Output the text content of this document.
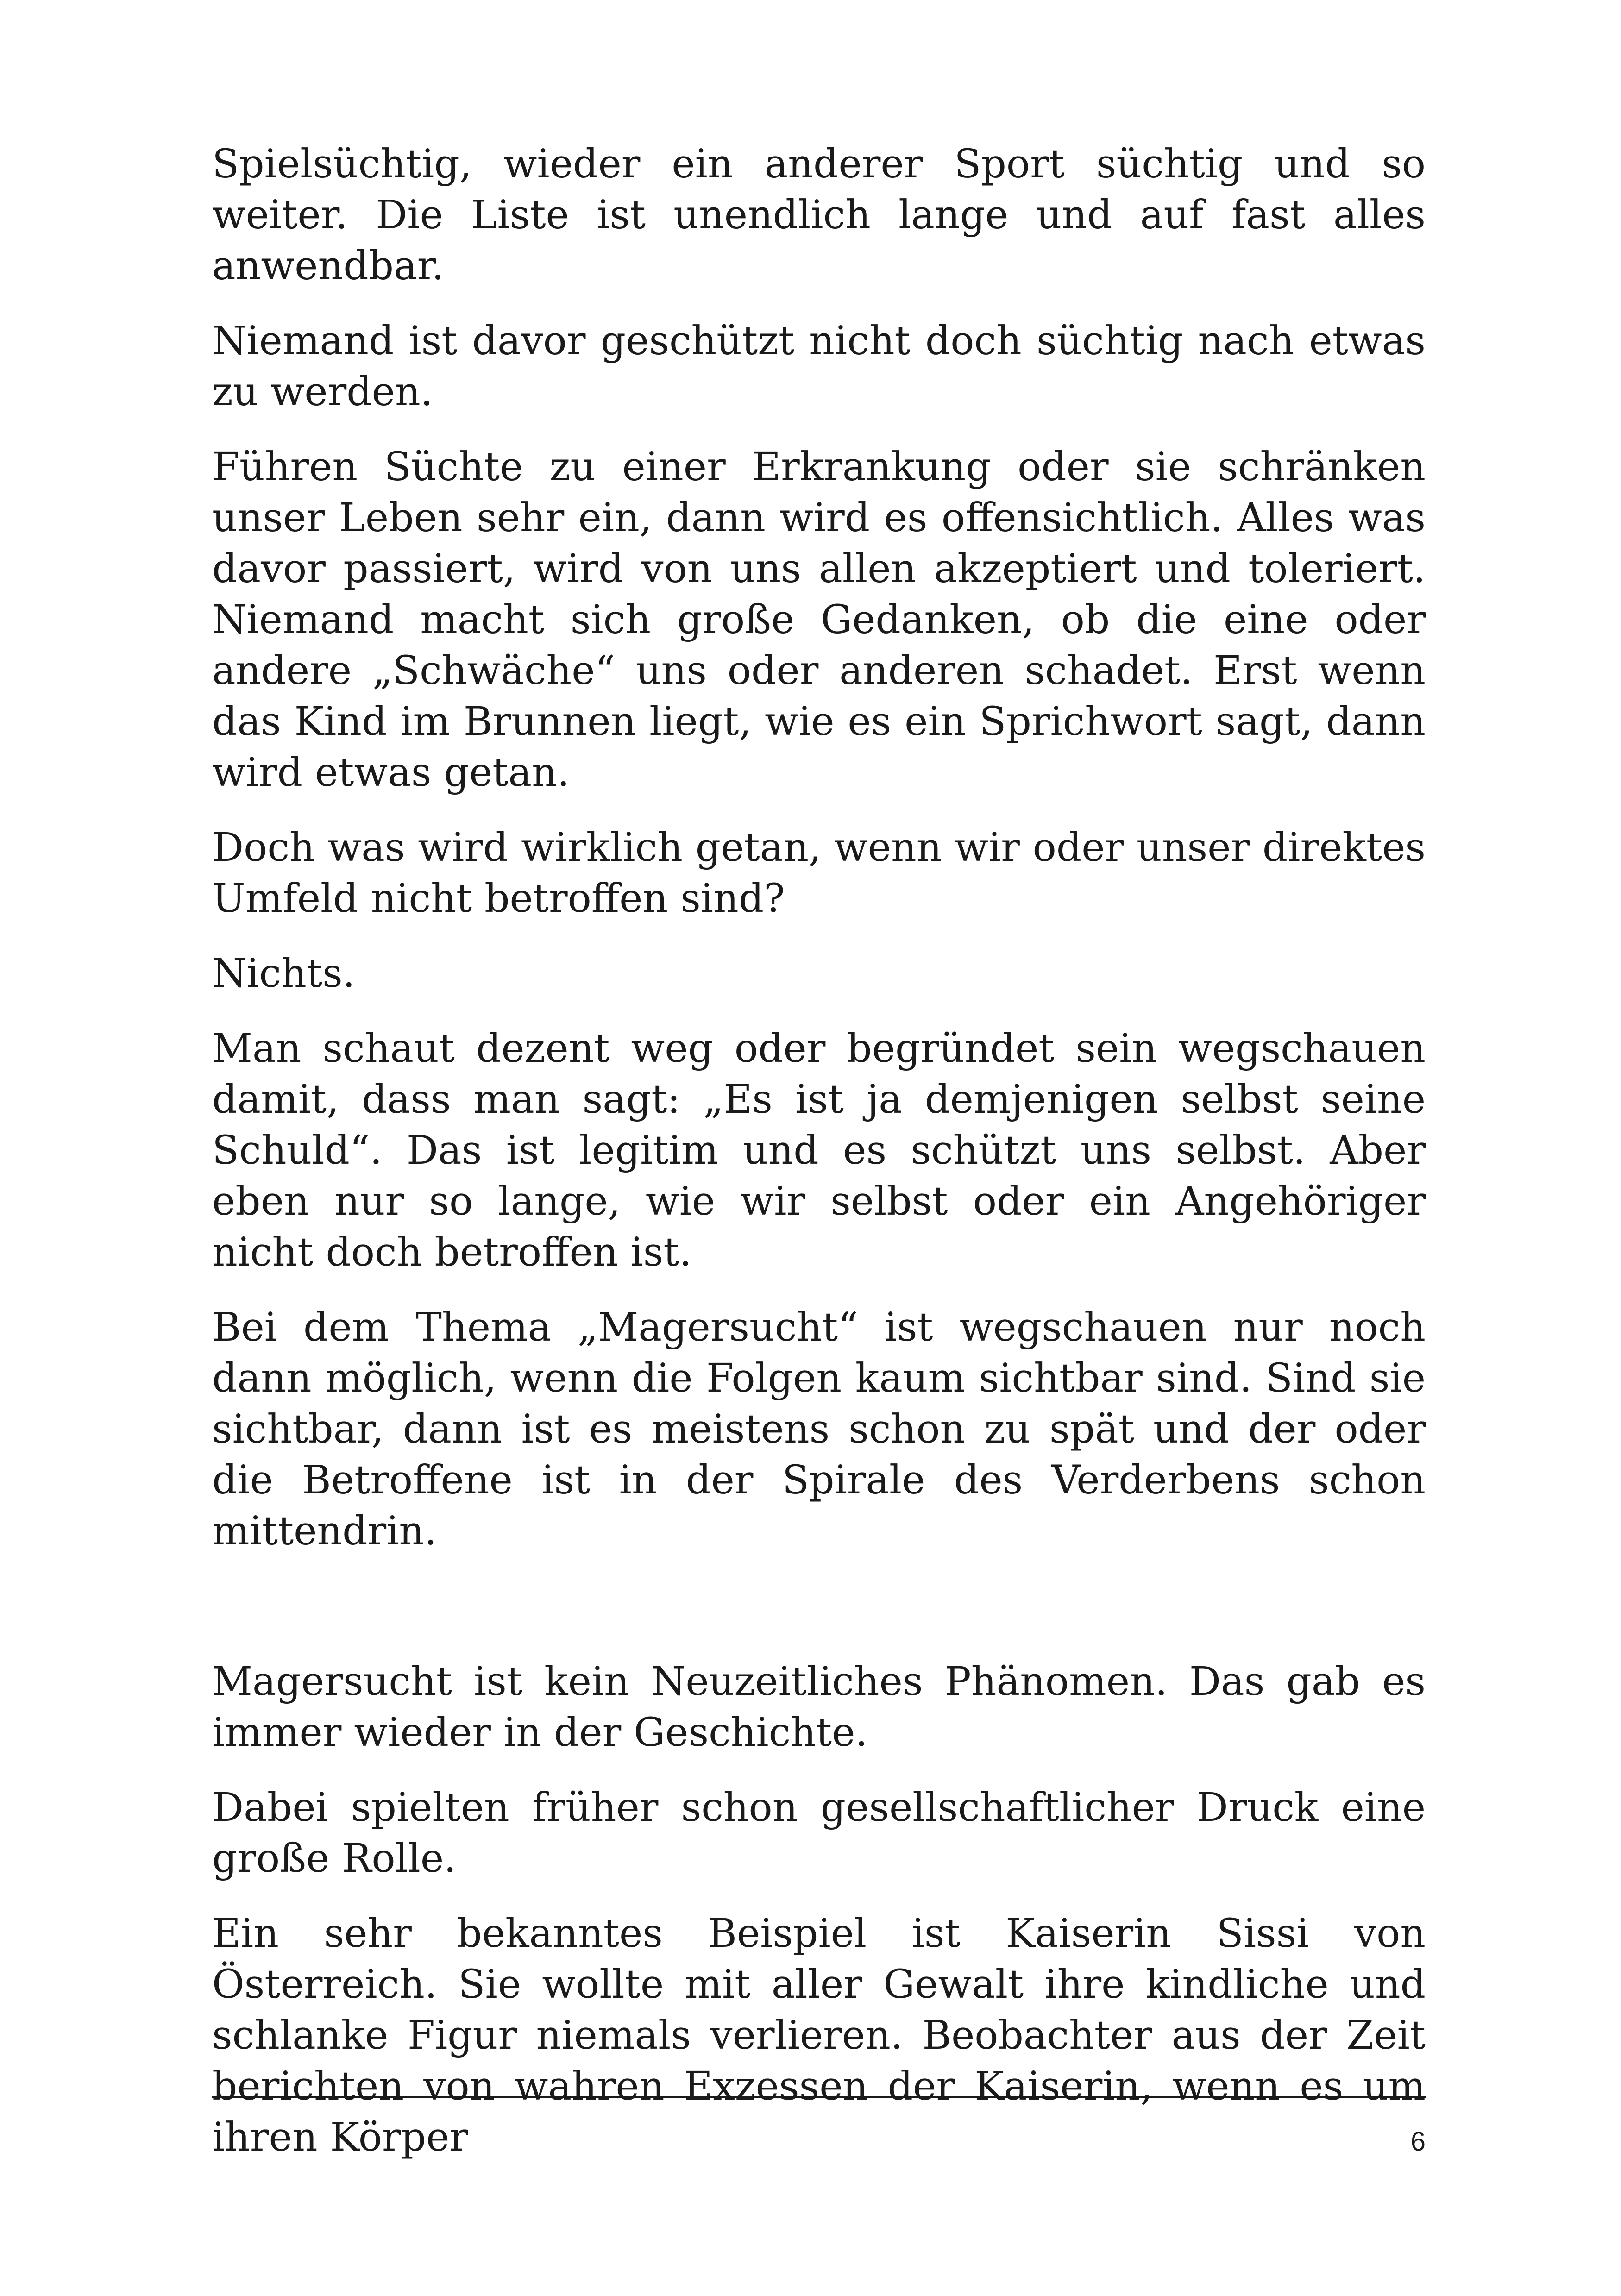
Spielsüchtig, wieder ein anderer Sport süchtig und so weiter. Die Liste ist unendlich lange und auf fast alles anwendbar.

Niemand ist davor geschützt nicht doch süchtig nach etwas zu werden.

Führen Süchte zu einer Erkrankung oder sie schränken unser Leben sehr ein, dann wird es offensichtlich. Alles was davor passiert, wird von uns allen akzeptiert und toleriert. Niemand macht sich große Gedanken, ob die eine oder andere „Schwäche“ uns oder anderen schadet. Erst wenn das Kind im Brunnen liegt, wie es ein Sprichwort sagt, dann wird etwas getan.

Doch was wird wirklich getan, wenn wir oder unser direktes Umfeld nicht betroffen sind?

Nichts.

Man schaut dezent weg oder begründet sein wegschauen damit, dass man sagt: „Es ist ja demjenigen selbst seine Schuld“. Das ist legitim und es schützt uns selbst. Aber eben nur so lange, wie wir selbst oder ein Angehöriger nicht doch betroffen ist.

Bei dem Thema „Magersucht“ ist wegschauen nur noch dann möglich, wenn die Folgen kaum sichtbar sind. Sind sie sichtbar, dann ist es meistens schon zu spät und der oder die Betroffene ist in der Spirale des Verderbens schon mittendrin.

Magersucht ist kein Neuzeitliches Phänomen. Das gab es immer wieder in der Geschichte.

Dabei spielten früher schon gesellschaftlicher Druck eine große Rolle.

Ein sehr bekanntes Beispiel ist Kaiserin Sissi von Österreich. Sie wollte mit aller Gewalt ihre kindliche und schlanke Figur niemals verlieren. Beobachter aus der Zeit berichten von wahren Exzessen der Kaiserin, wenn es um ihren Körper	6
